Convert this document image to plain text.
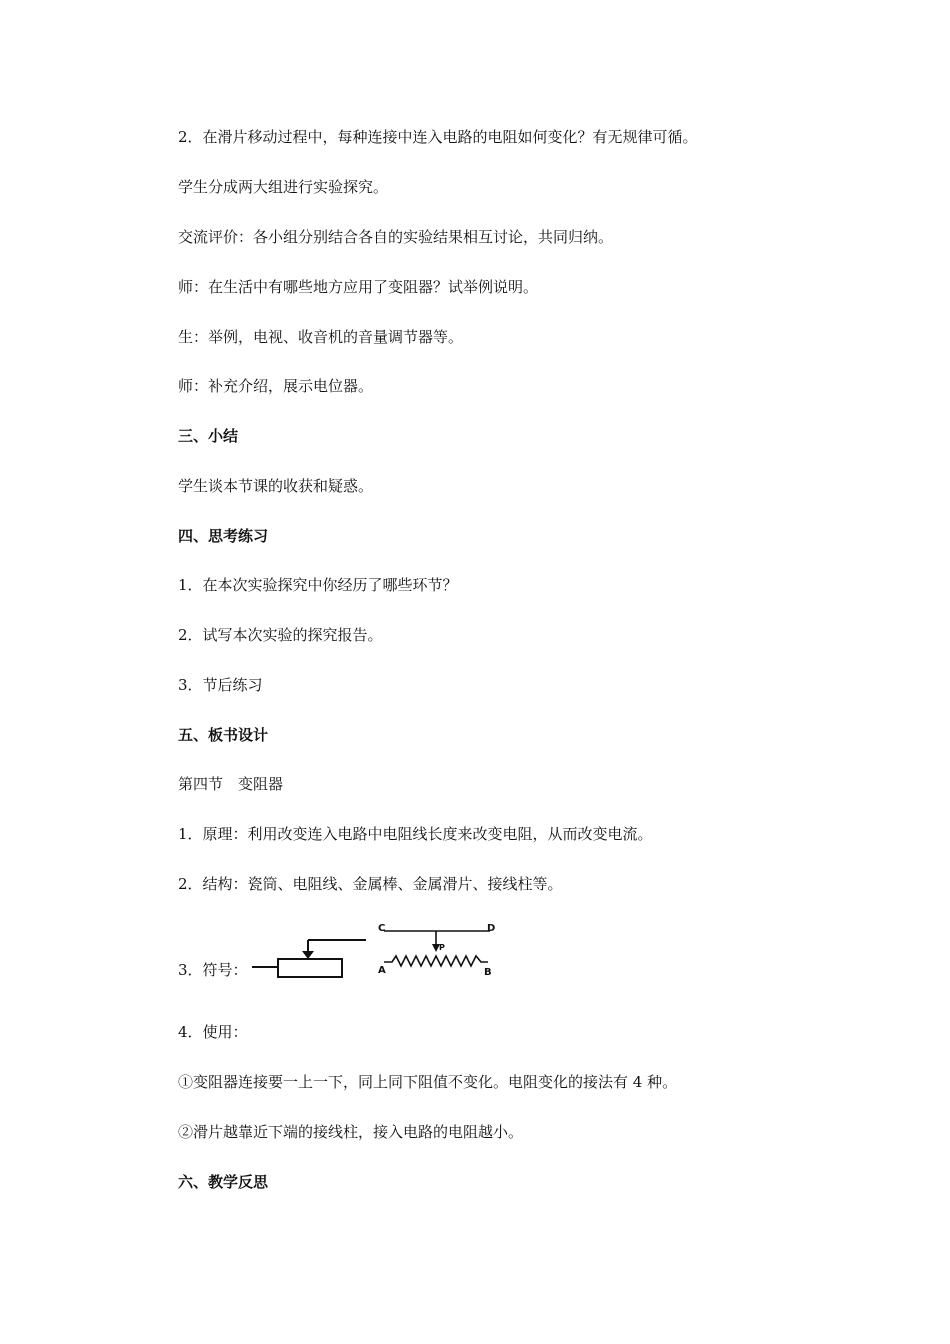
2．在滑片移动过程中，每种连接中连入电路的电阻如何变化？有无规律可循。
学生分成两大组进行实验探究。
交流评价：各小组分别结合各自的实验结果相互讨论，共同归纳。
师：在生活中有哪些地方应用了变阻器？试举例说明。
生：举例，电视、收音机的音量调节器等。
师：补充介绍，展示电位器。
三、小结
学生谈本节课的收获和疑惑。
四、思考练习
1．在本次实验探究中你经历了哪些环节？
2．试写本次实验的探究报告。
3．节后练习
五、板书设计
第四节　变阻器
1．原理：利用改变连入电路中电阻线长度来改变电阻，从而改变电流。
2．结构：瓷筒、电阻线、金属棒、金属滑片、接线柱等。
3．符号：
C	D
P
A	B
4．使用：
①变阻器连接要一上一下，同上同下阻值不变化。电阻变化的接法有 4 种。
②滑片越靠近下端的接线柱，接入电路的电阻越小。
六、教学反思
